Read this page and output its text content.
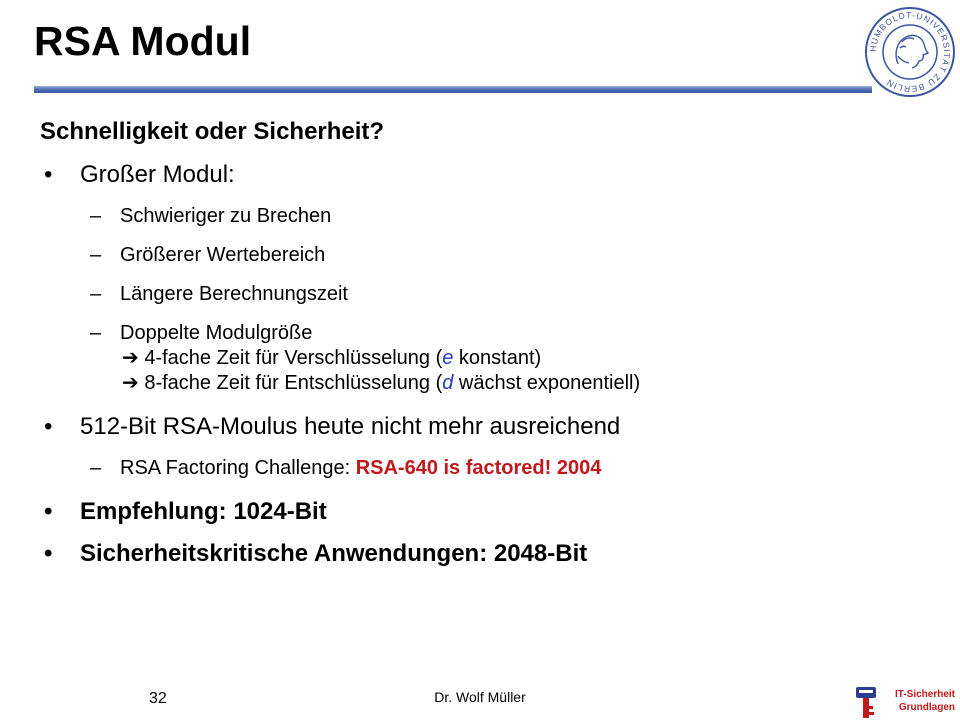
RSA Modul	HUMBOLDT-UNIVERSITÄT ZU BERLIN
Schnelligkeit oder Sicherheit?
• Großer Modul:
– Schwieriger zu Brechen
– Größerer Wertebereich
– Längere Berechnungszeit
– Doppelte Modulgröße
➔ 4-fache Zeit für Verschlüsselung (e konstant)
➔ 8-fache Zeit für Entschlüsselung (d wächst exponentiell)
• 512-Bit RSA-Moulus heute nicht mehr ausreichend
– RSA Factoring Challenge: RSA-640 is factored! 2004
• Empfehlung: 1024-Bit
• Sicherheitskritische Anwendungen: 2048-Bit
32	Dr. Wolf Müller	IT-Sicherheit
Grundlagen
